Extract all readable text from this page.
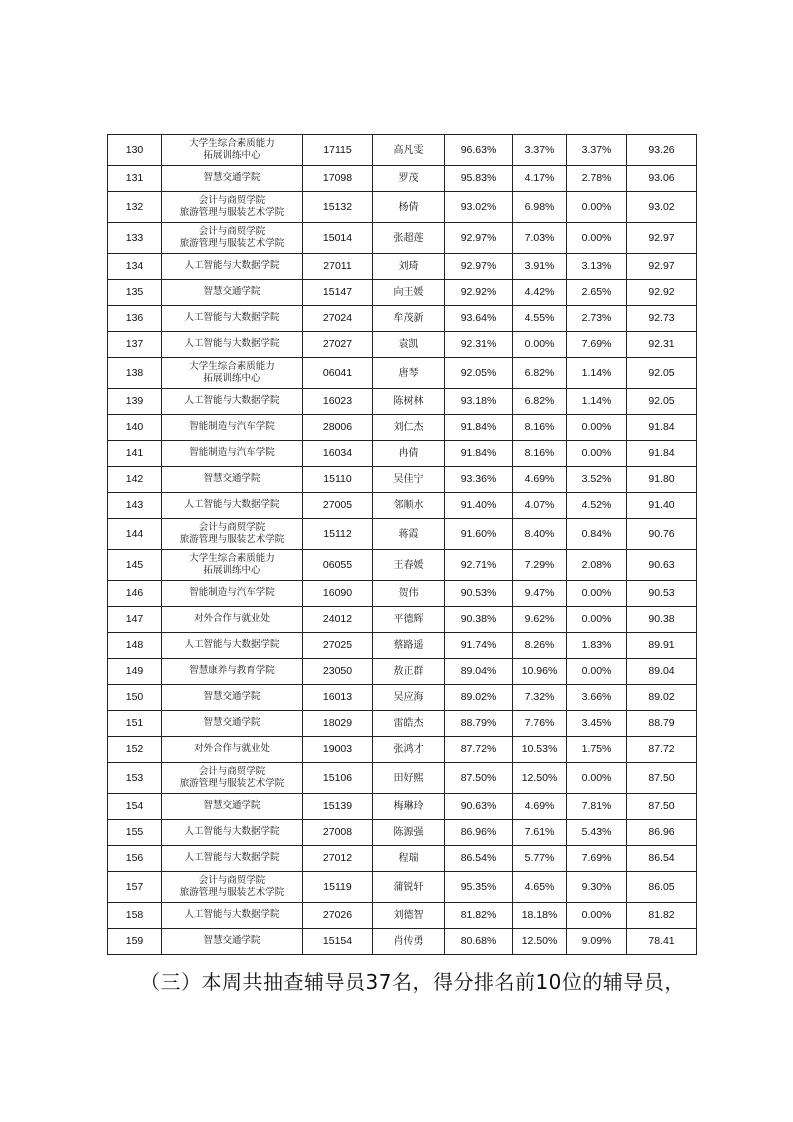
130	大学生综合素质能力
拓展训练中心	17115	高凡雯	96.63%	3.37%	3.37%	93.26
131	智慧交通学院	17098	罗茂	95.83%	4.17%	2.78%	93.06
132	会计与商贸学院
旅游管理与服装艺术学院	15132	杨倩	93.02%	6.98%	0.00%	93.02
133	会计与商贸学院
旅游管理与服装艺术学院	15014	张超莲	92.97%	7.03%	0.00%	92.97
134	人工智能与大数据学院	27011	刘琦	92.97%	3.91%	3.13%	92.97
135	智慧交通学院	15147	向王媛	92.92%	4.42%	2.65%	92.92
136	人工智能与大数据学院	27024	牟茂新	93.64%	4.55%	2.73%	92.73
137	人工智能与大数据学院	27027	袁凯	92.31%	0.00%	7.69%	92.31
138	大学生综合素质能力
拓展训练中心	06041	唐琴	92.05%	6.82%	1.14%	92.05
139	人工智能与大数据学院	16023	陈树林	93.18%	6.82%	1.14%	92.05
140	智能制造与汽车学院	28006	刘仁杰	91.84%	8.16%	0.00%	91.84
141	智能制造与汽车学院	16034	冉倩	91.84%	8.16%	0.00%	91.84
142	智慧交通学院	15110	吴佳宁	93.36%	4.69%	3.52%	91.80
143	人工智能与大数据学院	27005	邻顺水	91.40%	4.07%	4.52%	91.40
144	会计与商贸学院
旅游管理与服装艺术学院	15112	蒋霞	91.60%	8.40%	0.84%	90.76
145	大学生综合素质能力
拓展训练中心	06055	王春媛	92.71%	7.29%	2.08%	90.63
146	智能制造与汽车学院	16090	贺伟	90.53%	9.47%	0.00%	90.53
147	对外合作与就业处	24012	平德辉	90.38%	9.62%	0.00%	90.38
148	人工智能与大数据学院	27025	蔡路遥	91.74%	8.26%	1.83%	89.91
149	智慧康养与教育学院	23050	敖正群	89.04%	10.96%	0.00%	89.04
150	智慧交通学院	16013	吴应海	89.02%	7.32%	3.66%	89.02
151	智慧交通学院	18029	雷皓杰	88.79%	7.76%	3.45%	88.79
152	对外合作与就业处	19003	张鸿才	87.72%	10.53%	1.75%	87.72
153	会计与商贸学院
旅游管理与服装艺术学院	15106	田好熙	87.50%	12.50%	0.00%	87.50
154	智慧交通学院	15139	梅琳玲	90.63%	4.69%	7.81%	87.50
155	人工智能与大数据学院	27008	陈源强	86.96%	7.61%	5.43%	86.96
156	人工智能与大数据学院	27012	程瑞	86.54%	5.77%	7.69%	86.54
157	会计与商贸学院
旅游管理与服装艺术学院	15119	蒲锐轩	95.35%	4.65%	9.30%	86.05
158	人工智能与大数据学院	27026	刘德智	81.82%	18.18%	0.00%	81.82
159	智慧交通学院	15154	肖传勇	80.68%	12.50%	9.09%	78.41
（三）本周共抽查辅导员37名，得分排名前10位的辅导员，
